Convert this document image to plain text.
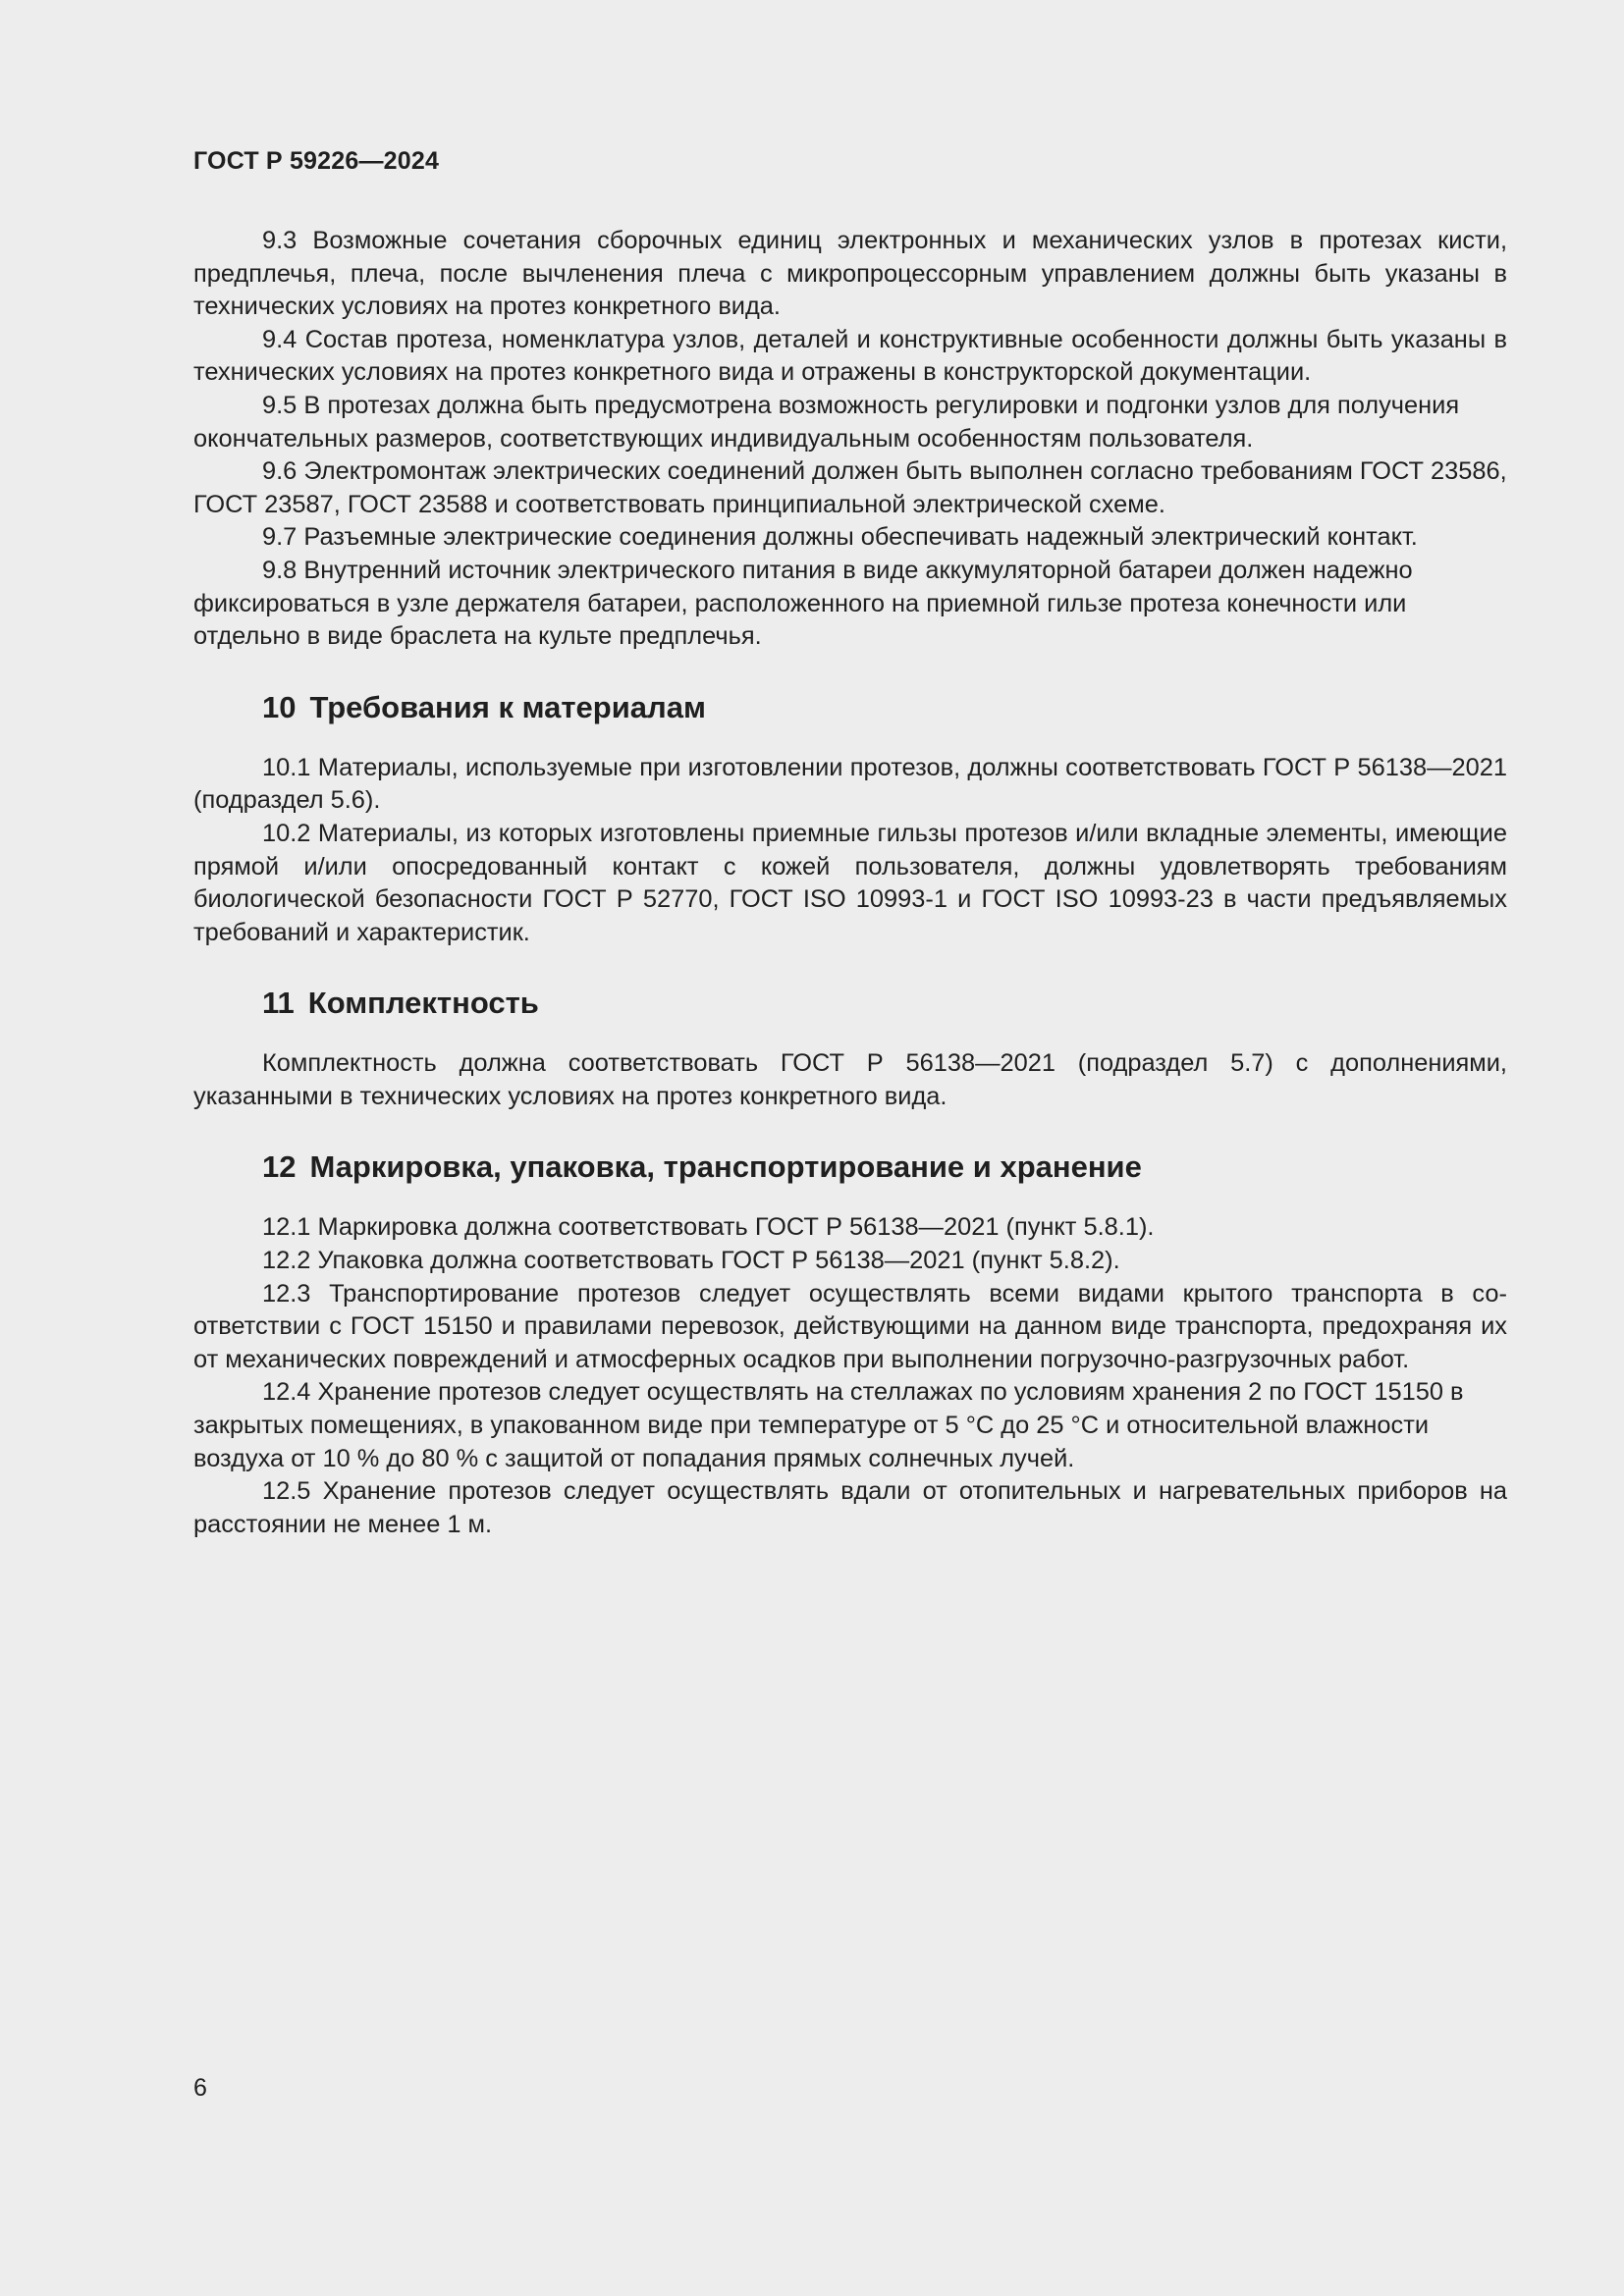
ГОСТ Р 59226—2024

9.3 Возможные сочетания сборочных единиц электронных и механических узлов в протезах кисти, предплечья, плеча, после вычленения плеча с микропроцессорным управлением должны быть указаны в технических условиях на протез конкретного вида.

9.4 Состав протеза, номенклатура узлов, деталей и конструктивные особенности должны быть указаны в технических условиях на протез конкретного вида и отражены в конструкторской документации.

9.5 В протезах должна быть предусмотрена возможность регулировки и подгонки узлов для получения окончательных размеров, соответствующих индивидуальным особенностям пользователя.

9.6 Электромонтаж электрических соединений должен быть выполнен согласно требованиям ГОСТ 23586, ГОСТ 23587, ГОСТ 23588 и соответствовать принципиальной электрической схеме.

9.7 Разъемные электрические соединения должны обеспечивать надежный электрический контакт.

9.8 Внутренний источник электрического питания в виде аккумуляторной батареи должен надежно фиксироваться в узле держателя батареи, расположенного на приемной гильзе протеза конечности или отдельно в виде браслета на культе предплечья.

10 Требования к материалам

10.1 Материалы, используемые при изготовлении протезов, должны соответствовать ГОСТ Р 56138—2021 (подраздел 5.6).

10.2 Материалы, из которых изготовлены приемные гильзы протезов и/или вкладные элементы, имеющие прямой и/или опосредованный контакт с кожей пользователя, должны удовлетворять требованиям биологической безопасности ГОСТ Р 52770, ГОСТ ISO 10993-1 и ГОСТ ISO 10993-23 в части предъявляемых требований и характеристик.

11 Комплектность

Комплектность должна соответствовать ГОСТ Р 56138—2021 (подраздел 5.7) с дополнениями, указанными в технических условиях на протез конкретного вида.

12 Маркировка, упаковка, транспортирование и хранение

12.1 Маркировка должна соответствовать ГОСТ Р 56138—2021 (пункт 5.8.1).

12.2 Упаковка должна соответствовать ГОСТ Р 56138—2021 (пункт 5.8.2).

12.3 Транспортирование протезов следует осуществлять всеми видами крытого транспорта в соответствии с ГОСТ 15150 и правилами перевозок, действующими на данном виде транспорта, предохраняя их от механических повреждений и атмосферных осадков при выполнении погрузочно-разгрузочных работ.

12.4 Хранение протезов следует осуществлять на стеллажах по условиям хранения 2 по ГОСТ 15150 в закрытых помещениях, в упакованном виде при температуре от 5 °С до 25 °С и относительной влажности воздуха от 10 % до 80 % с защитой от попадания прямых солнечных лучей.

12.5 Хранение протезов следует осуществлять вдали от отопительных и нагревательных приборов на расстоянии не менее 1 м.

6
